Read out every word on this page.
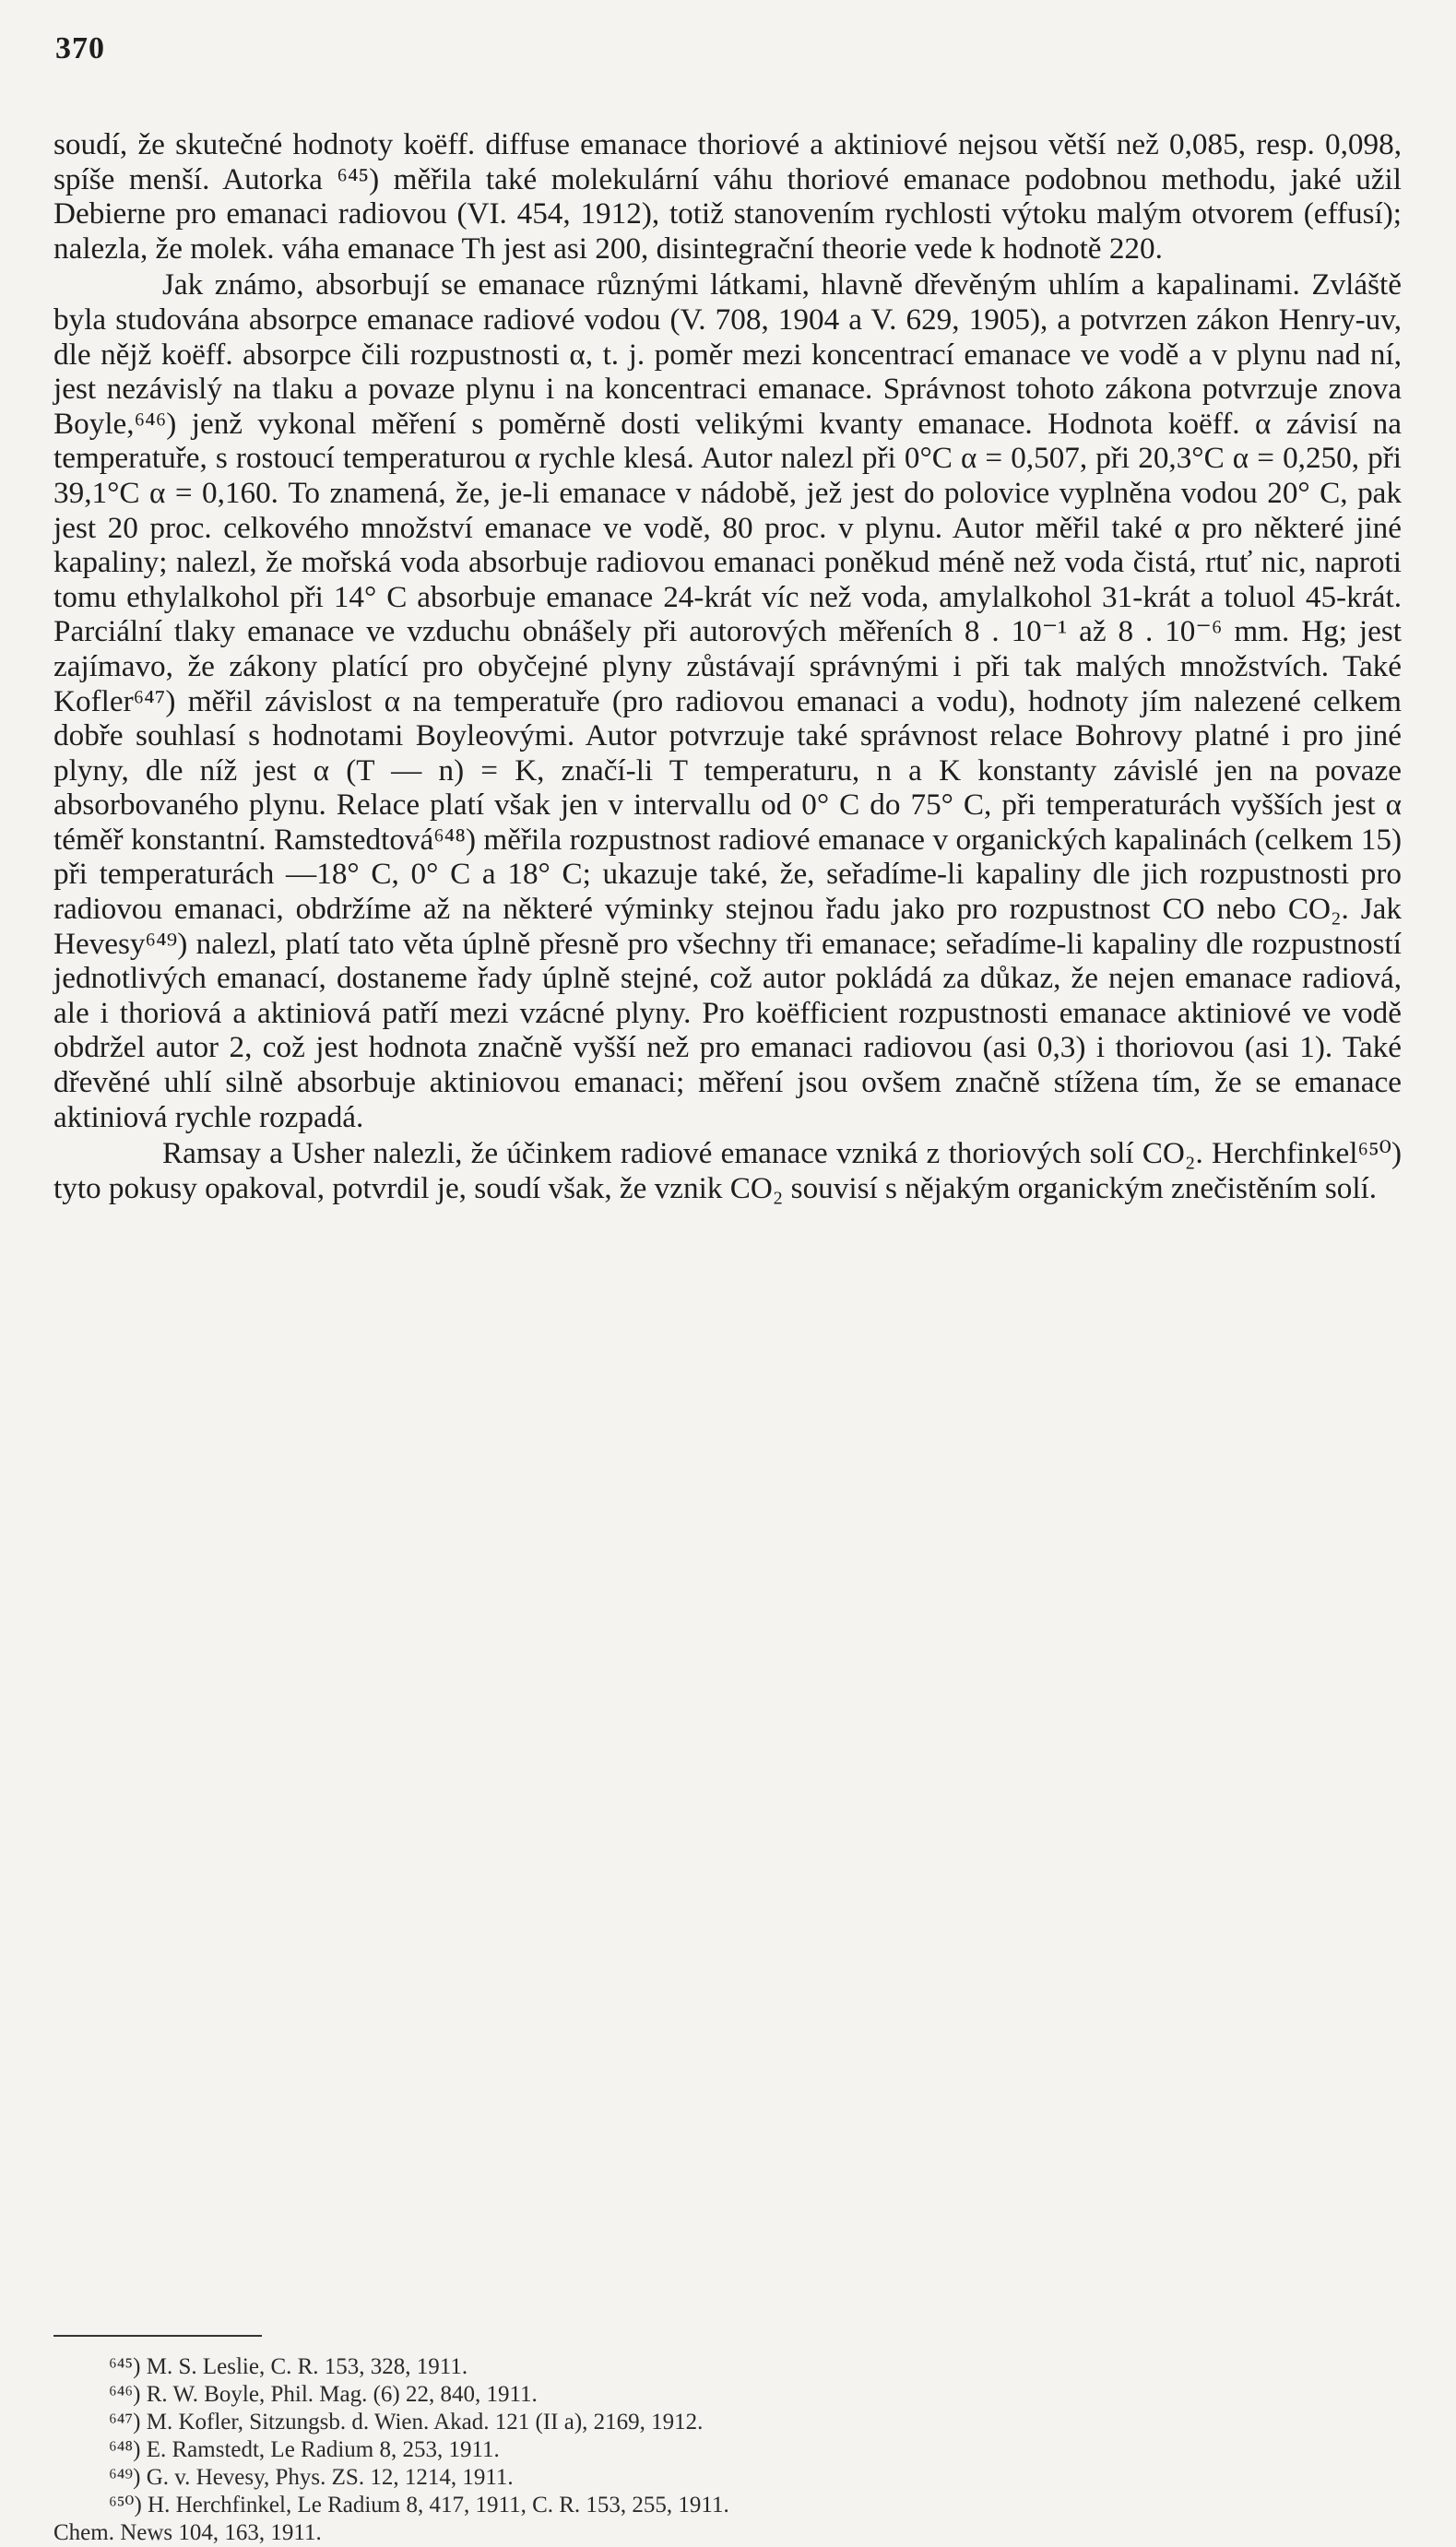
370

soudí, že skutečné hodnoty koëff. diffuse emanace thoriové a aktiniové nejsou větší než 0,085, resp. 0,098, spíše menší. Autorka ⁶⁴⁵) měřila také molekulární váhu thoriové emanace podobnou methodu, jaké užil Debierne pro emanaci radiovou (VI. 454, 1912), totiž stanovením rychlosti výtoku malým otvorem (effusí); nalezla, že molek. váha emanace Th jest asi 200, disintegrační theorie vede k hodnotě 220.

Jak známo, absorbují se emanace různými látkami, hlavně dřevěným uhlím a kapalinami. Zvláště byla studována absorpce emanace radiové vodou (V. 708, 1904 a V. 629, 1905), a potvrzen zákon Henry-uv, dle nějž koëff. absorpce čili rozpustnosti α, t. j. poměr mezi koncentrací emanace ve vodě a v plynu nad ní, jest nezávislý na tlaku a povaze plynu i na koncentraci emanace. Správnost tohoto zákona potvrzuje znova Boyle,⁶⁴⁶) jenž vykonal měření s poměrně dosti velikými kvanty emanace. Hodnota koëff. α závisí na temperatuře, s rostoucí temperaturou α rychle klesá. Autor nalezl při 0°C α = 0,507, při 20,3°C α = 0,250, při 39,1°C α = 0,160. To znamená, že, je-li emanace v nádobě, jež jest do polovice vyplněna vodou 20° C, pak jest 20 proc. celkového množství emanace ve vodě, 80 proc. v plynu. Autor měřil také α pro některé jiné kapaliny; nalezl, že mořská voda absorbuje radiovou emanaci poněkud méně než voda čistá, rtuť nic, naproti tomu ethylalkohol při 14° C absorbuje emanace 24-krát víc než voda, amylalkohol 31-krát a toluol 45-krát. Parciální tlaky emanace ve vzduchu obnášely při autorových měřeních 8 . 10⁻¹ až 8 . 10⁻⁶ mm. Hg; jest zajímavo, že zákony platící pro obyčejné plyny zůstávají správnými i při tak malých množstvích. Také Kofler⁶⁴⁷) měřil závislost α na temperatuře (pro radiovou emanaci a vodu), hodnoty jím nalezené celkem dobře souhlasí s hodnotami Boyleovými. Autor potvrzuje také správnost relace Bohrovy platné i pro jiné plyny, dle níž jest α (T — n) = K, značí-li T temperaturu, n a K konstanty závislé jen na povaze absorbovaného plynu. Relace platí však jen v intervallu od 0° C do 75° C, při temperaturách vyšších jest α téměř konstantní. Ramstedtová⁶⁴⁸) měřila rozpustnost radiové emanace v organických kapalinách (celkem 15) při temperaturách —18° C, 0° C a 18° C; ukazuje také, že, seřadíme-li kapaliny dle jich rozpustnosti pro radiovou emanaci, obdržíme až na některé výminky stejnou řadu jako pro rozpustnost CO nebo CO₂. Jak Hevesy⁶⁴⁹) nalezl, platí tato věta úplně přesně pro všechny tři emanace; seřadíme-li kapaliny dle rozpustností jednotlivých emanací, dostaneme řady úplně stejné, což autor pokládá za důkaz, že nejen emanace radiová, ale i thoriová a aktiniová patří mezi vzácné plyny. Pro koëfficient rozpustnosti emanace aktiniové ve vodě obdržel autor 2, což jest hodnota značně vyšší než pro emanaci radiovou (asi 0,3) i thoriovou (asi 1). Také dřevěné uhlí silně absorbuje aktiniovou emanaci; měření jsou ovšem značně stížena tím, že se emanace aktiniová rychle rozpadá.

Ramsay a Usher nalezli, že účinkem radiové emanace vzniká z thoriových solí CO₂. Herchfinkel⁶⁵⁰) tyto pokusy opakoval, potvrdil je, soudí však, že vznik CO₂ souvisí s nějakým organickým znečistěním solí.

⁶⁴⁵) M. S. Leslie, C. R. 153, 328, 1911.

⁶⁴⁶) R. W. Boyle, Phil. Mag. (6) 22, 840, 1911.

⁶⁴⁷) M. Kofler, Sitzungsb. d. Wien. Akad. 121 (II a), 2169, 1912.

⁶⁴⁸) E. Ramstedt, Le Radium 8, 253, 1911.

⁶⁴⁹) G. v. Hevesy, Phys. ZS. 12, 1214, 1911.

⁶⁵⁰) H. Herchfinkel, Le Radium 8, 417, 1911, C. R. 153, 255, 1911.

Chem. News 104, 163, 1911.
